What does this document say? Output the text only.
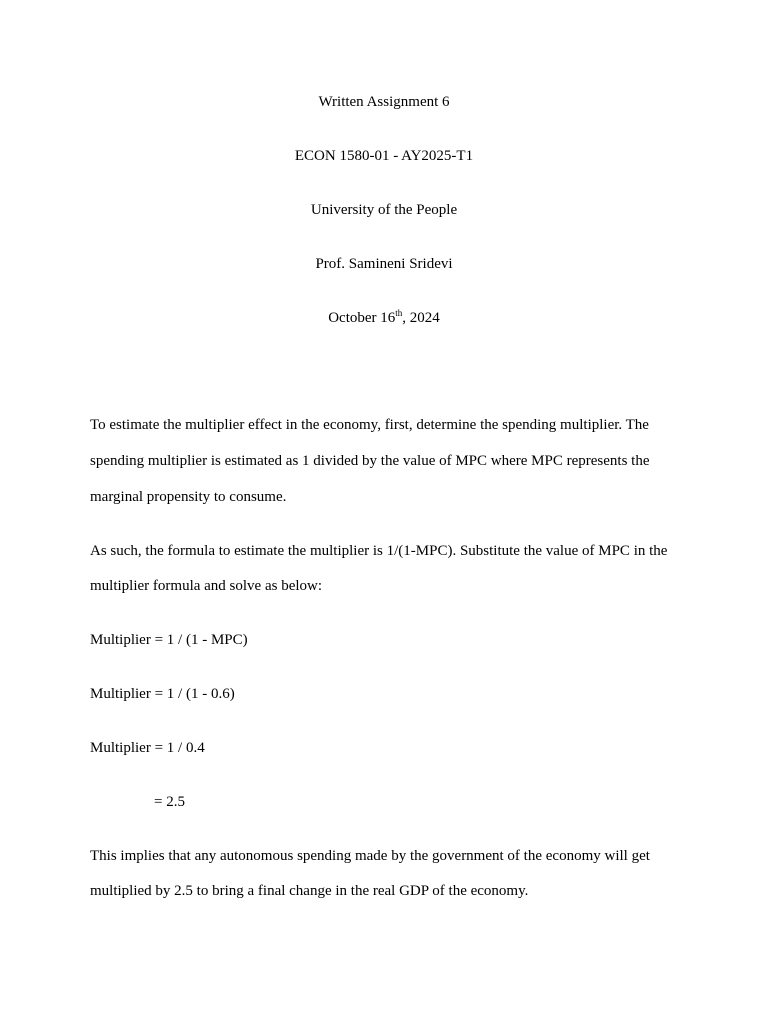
Written Assignment 6
ECON 1580-01 - AY2025-T1
University of the People
Prof. Samineni Sridevi
October 16th, 2024
To estimate the multiplier effect in the economy, first, determine the spending multiplier. The
spending multiplier is estimated as 1 divided by the value of MPC where MPC represents the
marginal propensity to consume.
As such, the formula to estimate the multiplier is 1/(1-MPC). Substitute the value of MPC in the
multiplier formula and solve as below:
Multiplier = 1 / (1 - MPC)
Multiplier = 1 / (1 - 0.6)
Multiplier = 1 / 0.4
= 2.5
This implies that any autonomous spending made by the government of the economy will get
multiplied by 2.5 to bring a final change in the real GDP of the economy.
